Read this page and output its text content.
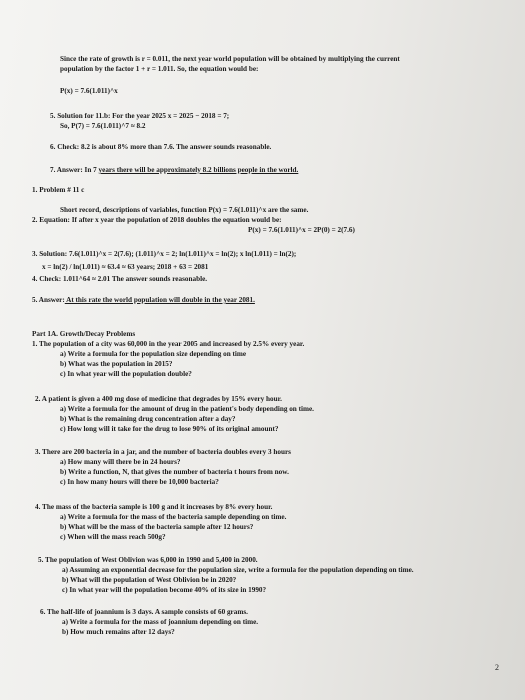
Since the rate of growth is r = 0.011, the next year world population will be obtained by multiplying the current
population by the factor 1 + r = 1.011. So, the equation would be:
P(x) = 7.6(1.011)^x
5. Solution for 11.b: For the year 2025 x = 2025 − 2018 = 7;
So, P(7) = 7.6(1.011)^7 ≈ 8.2
6. Check: 8.2 is about 8% more than 7.6. The answer sounds reasonable.
7. Answer: In 7 years there will be approximately 8.2 billions people in the world.
1. Problem # 11 c
Short record, descriptions of variables, function P(x) = 7.6(1.011)^x are the same.
2. Equation: If after x year the population of 2018 doubles the equation would be:
P(x) = 7.6(1.011)^x = 2P(0) = 2(7.6)
3. Solution: 7.6(1.011)^x = 2(7.6); (1.011)^x = 2; ln(1.011)^x = ln(2); x ln(1.011) = ln(2);
x = ln(2) / ln(1.011) ≈ 63.4 ≈ 63 years; 2018 + 63 = 2081
4. Check: 1.011^64 ≈ 2.01 The answer sounds reasonable.
5. Answer: At this rate the world population will double in the year 2081.
Part 1A. Growth/Decay Problems
1. The population of a city was 60,000 in the year 2005 and increased by 2.5% every year.
a) Write a formula for the population size depending on time
b) What was the population in 2015?
c) In what year will the population double?
2. A patient is given a 400 mg dose of medicine that degrades by 15% every hour.
a) Write a formula for the amount of drug in the patient's body depending on time.
b) What is the remaining drug concentration after a day?
c) How long will it take for the drug to lose 90% of its original amount?
3. There are 200 bacteria in a jar, and the number of bacteria doubles every 3 hours
a) How many will there be in 24 hours?
b) Write a function, N, that gives the number of bacteria t hours from now.
c) In how many hours will there be 10,000 bacteria?
4. The mass of the bacteria sample is 100 g and it increases by 8% every hour.
a) Write a formula for the mass of the bacteria sample depending on time.
b) What will be the mass of the bacteria sample after 12 hours?
c) When will the mass reach 500g?
5. The population of West Oblivion was 6,000 in 1990 and 5,400 in 2000.
a) Assuming an exponential decrease for the population size, write a formula for the population depending on time.
b) What will the population of West Oblivion be in 2020?
c) In what year will the population become 40% of its size in 1990?
6. The half-life of joannium is 3 days. A sample consists of 60 grams.
a) Write a formula for the mass of joannium depending on time.
b) How much remains after 12 days?
2
